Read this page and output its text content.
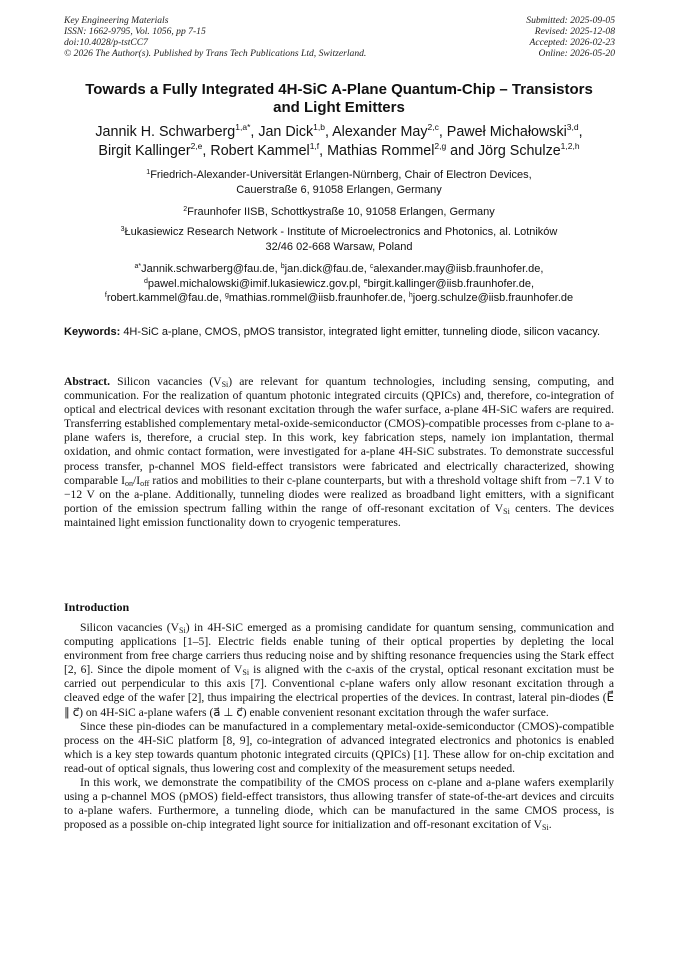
Key Engineering Materials
ISSN: 1662-9795, Vol. 1056, pp 7-15
doi:10.4028/p-tstCC7
© 2026 The Author(s). Published by Trans Tech Publications Ltd, Switzerland.
Submitted: 2025-09-05
Revised: 2025-12-08
Accepted: 2026-02-23
Online: 2026-05-20
Towards a Fully Integrated 4H-SiC A-Plane Quantum-Chip – Transistors
and Light Emitters
Jannik H. Schwarberg$^{1,a*}$, Jan Dick$^{1,b}$, Alexander May$^{2,c}$, Paweł Michałowski$^{3,d}$,
Birgit Kallinger$^{2,e}$, Robert Kammel$^{1,f}$, Mathias Rommel$^{2,g}$ and Jörg Schulze$^{1,2,h}$
$^1$Friedrich-Alexander-Universität Erlangen-Nürnberg, Chair of Electron Devices,
Cauerstraße 6, 91058 Erlangen, Germany
$^2$Fraunhofer IISB, Schottkystraße 10, 91058 Erlangen, Germany
$^3$Łukasiewicz Research Network - Institute of Microelectronics and Photonics, al. Lotników
32/46 02-668 Warsaw, Poland
$^{a*}$Jannik.schwarberg@fau.de, $^b$jan.dick@fau.de, $^c$alexander.may@iisb.fraunhofer.de,
$^d$pawel.michalowski@imif.lukasiewicz.gov.pl, $^e$birgit.kallinger@iisb.fraunhofer.de,
$^f$robert.kammel@fau.de, $^g$mathias.rommel@iisb.fraunhofer.de, $^h$joerg.schulze@iisb.fraunhofer.de
Keywords: 4H-SiC a-plane, CMOS, pMOS transistor, integrated light emitter, tunneling diode, silicon vacancy.

Abstract. Silicon vacancies $(V_{Si})$ are relevant for quantum technologies, including sensing, computing, and communication. For the realization of quantum photonic integrated circuits (QPICs) and, therefore, co-integration of optical and electrical devices with resonant excitation through the wafer surface, a-plane 4H-SiC wafers are required. Transferring established complementary metal-oxide-semiconductor (CMOS)-compatible processes from c-plane to a-plane wafers is, therefore, a crucial step. In this work, key fabrication steps, namely ion implantation, thermal oxidation, and ohmic contact formation, were investigated for a-plane 4H-SiC substrates. To demonstrate successful process transfer, p-channel MOS field-effect transistors were fabricated and electrically characterized, showing comparable $I_{on}/I_{off}$ ratios and mobilities to their c-plane counterparts, but with a threshold voltage shift from −7.1 V to −12 V on the a-plane. Additionally, tunneling diodes were realized as broadband light emitters, with a significant portion of the emission spectrum falling within the range of off-resonant excitation of $V_{Si}$ centers. The devices maintained light emission functionality down to cryogenic temperatures.

Introduction

Silicon vacancies $(V_{Si})$ in 4H-SiC emerged as a promising candidate for quantum sensing, communication and computing applications [1–5]. Electric fields enable tuning of their optical properties by depleting the local environment from free charge carriers thus reducing noise and by shifting resonance frequencies using the Stark effect [2, 6]. Since the dipole moment of $V_{Si}$ is aligned with the c-axis of the crystal, optical resonant excitation must be carried out perpendicular to this axis [7]. Conventional c-plane wafers only allow resonant excitation through a cleaved edge of the wafer [2], thus impairing the electrical properties of the devices. In contrast, lateral pin-diodes (E⃗ ∥ c⃗) on 4H-SiC a-plane wafers (a⃗ ⊥ c⃗) enable convenient resonant excitation through the wafer surface.

Since these pin-diodes can be manufactured in a complementary metal-oxide-semiconductor (CMOS)-compatible process on the 4H-SiC platform [8, 9], co-integration of advanced integrated electronics and photonics is enabled which is a key step towards quantum photonic integrated circuits (QPICs) [1]. These allow for on-chip excitation and read-out of optical signals, thus lowering cost and complexity of the measurement setups needed.

In this work, we demonstrate the compatibility of the CMOS process on c-plane and a-plane wafers exemplarily using a p-channel MOS (pMOS) field-effect transistors, thus allowing transfer of state-of-the-art devices and circuits to a-plane wafers. Furthermore, a tunneling diode, which can be manufactured in the same CMOS process, is proposed as a possible on-chip integrated light source for initialization and off-resonant excitation of $V_{Si}$.
